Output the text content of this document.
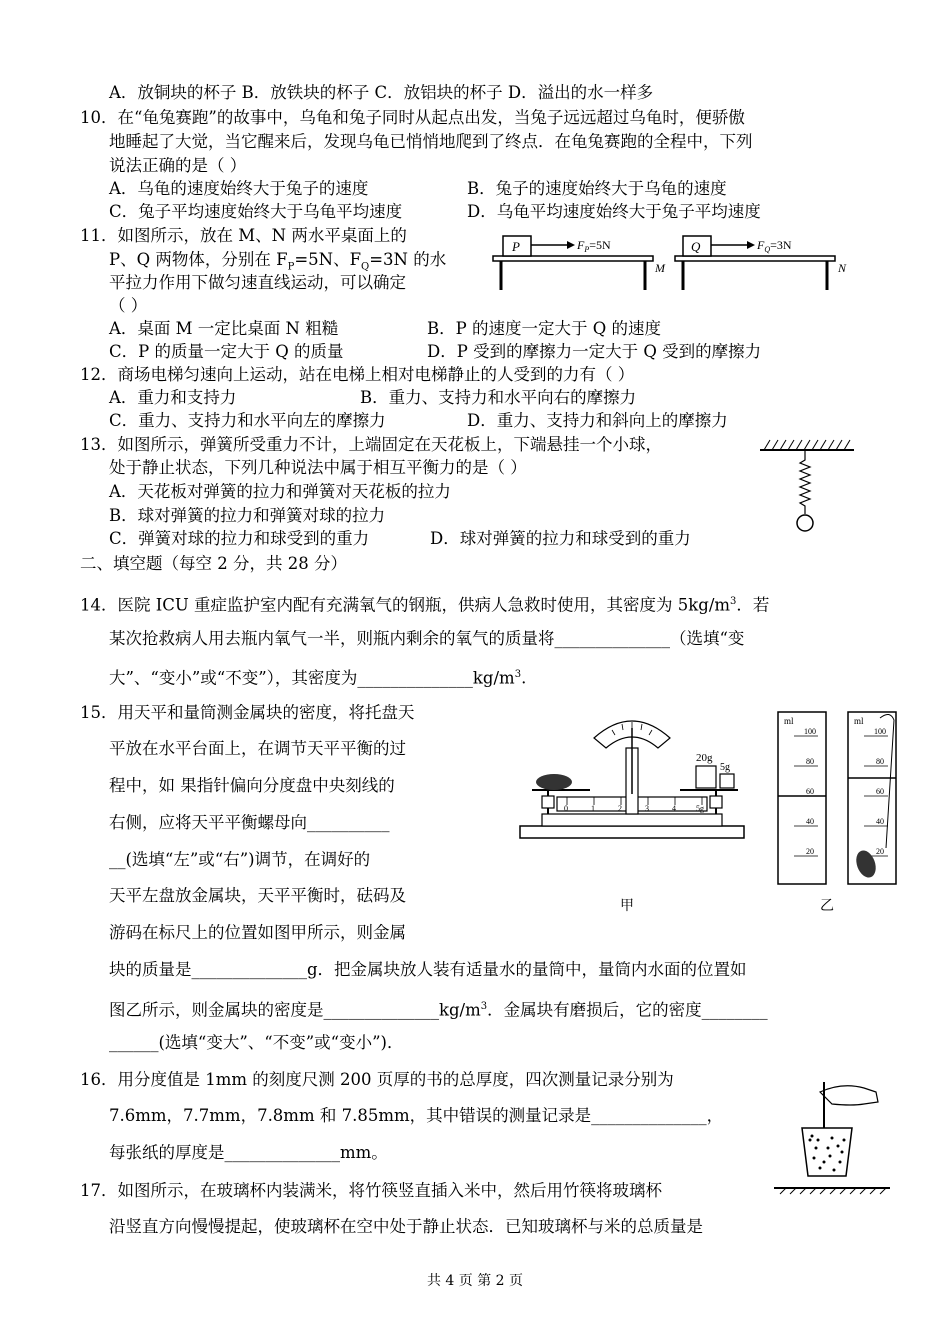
A．放铜块的杯子 B．放铁块的杯子 C．放铝块的杯子 D．溢出的水一样多
10．在“龟兔赛跑”的故事中，乌龟和兔子同时从起点出发，当兔子远远超过乌龟时，便骄傲
地睡起了大觉，当它醒来后，发现乌龟已悄悄地爬到了终点．在龟兔赛跑的全程中，下列
说法正确的是（ ）
A．乌龟的速度始终大于兔子的速度	B．兔子的速度始终大于乌龟的速度
C．兔子平均速度始终大于乌龟平均速度	D．乌龟平均速度始终大于兔子平均速度
11．如图所示，放在 M、N 两水平桌面上的
P、Q 两物体，分别在 $F_P=5N$、$F_Q=3N$ 的水
平拉力作用下做匀速直线运动，可以确定
（ ）
A．桌面 M 一定比桌面 N 粗糙	B．P 的速度一定大于 Q 的速度
C．P 的质量一定大于 Q 的质量	D．P 受到的摩擦力一定大于 Q 受到的摩擦力
P	$F_P=5N$
M
Q	$F_Q=3N$
N
12．商场电梯匀速向上运动，站在电梯上相对电梯静止的人受到的力有（ ）
A．重力和支持力	B．重力、支持力和水平向右的摩擦力
C．重力、支持力和水平向左的摩擦力	D．重力、支持力和斜向上的摩擦力
13．如图所示，弹簧所受重力不计，上端固定在天花板上，下端悬挂一个小球，
处于静止状态，下列几种说法中属于相互平衡力的是（ ）
A．天花板对弹簧的拉力和弹簧对天花板的拉力
B．球对弹簧的拉力和弹簧对球的拉力
C．弹簧对球的拉力和球受到的重力	D．球对弹簧的拉力和球受到的重力
二、填空题（每空 2 分，共 28 分）
14．医院 ICU 重症监护室内配有充满氧气的钢瓶，供病人急救时使用，其密度为 $5kg/m^3$．若
某次抢救病人用去瓶内氧气一半，则瓶内剩余的氧气的质量将______________（选填“变
大”、“变小”或“不变”），其密度为$\_\_\_\_\_\_\_\_\_\_\_\_\_\_kg/m^3$.
15．用天平和量筒测金属块的密度，将托盘天
平放在水平台面上，在调节天平平衡的过
程中，如 果指针偏向分度盘中央刻线的
右侧，应将天平平衡螺母向__________
__(选填“左”或“右”)调节，在调好的
天平左盘放金属块，天平平衡时，砝码及
游码在标尺上的位置如图甲所示，则金属
块的质量是______________g．把金属块放人装有适量水的量筒中，量筒内水面的位置如
图乙所示，则金属块的密度是$\_\_\_\_\_\_\_\_\_\_\_\_\_\_kg/m^3$．金属块有磨损后，它的密度________
______(选填“变大”、“不变”或“变小”)．
0	1	2	3	4	5g
20g
5g
甲
ml
100
80
60
40
20
ml
100
80
60
40
20
乙
16．用分度值是 1mm 的刻度尺测 200 页厚的书的总厚度，四次测量记录分别为
7.6mm，7.7mm，7.8mm 和 7.85mm，其中错误的测量记录是______________，
每张纸的厚度是______________mm。
17．如图所示，在玻璃杯内装满米，将竹筷竖直插入米中，然后用竹筷将玻璃杯
沿竖直方向慢慢提起，使玻璃杯在空中处于静止状态．已知玻璃杯与米的总质量是
共 4 页 第 2 页
